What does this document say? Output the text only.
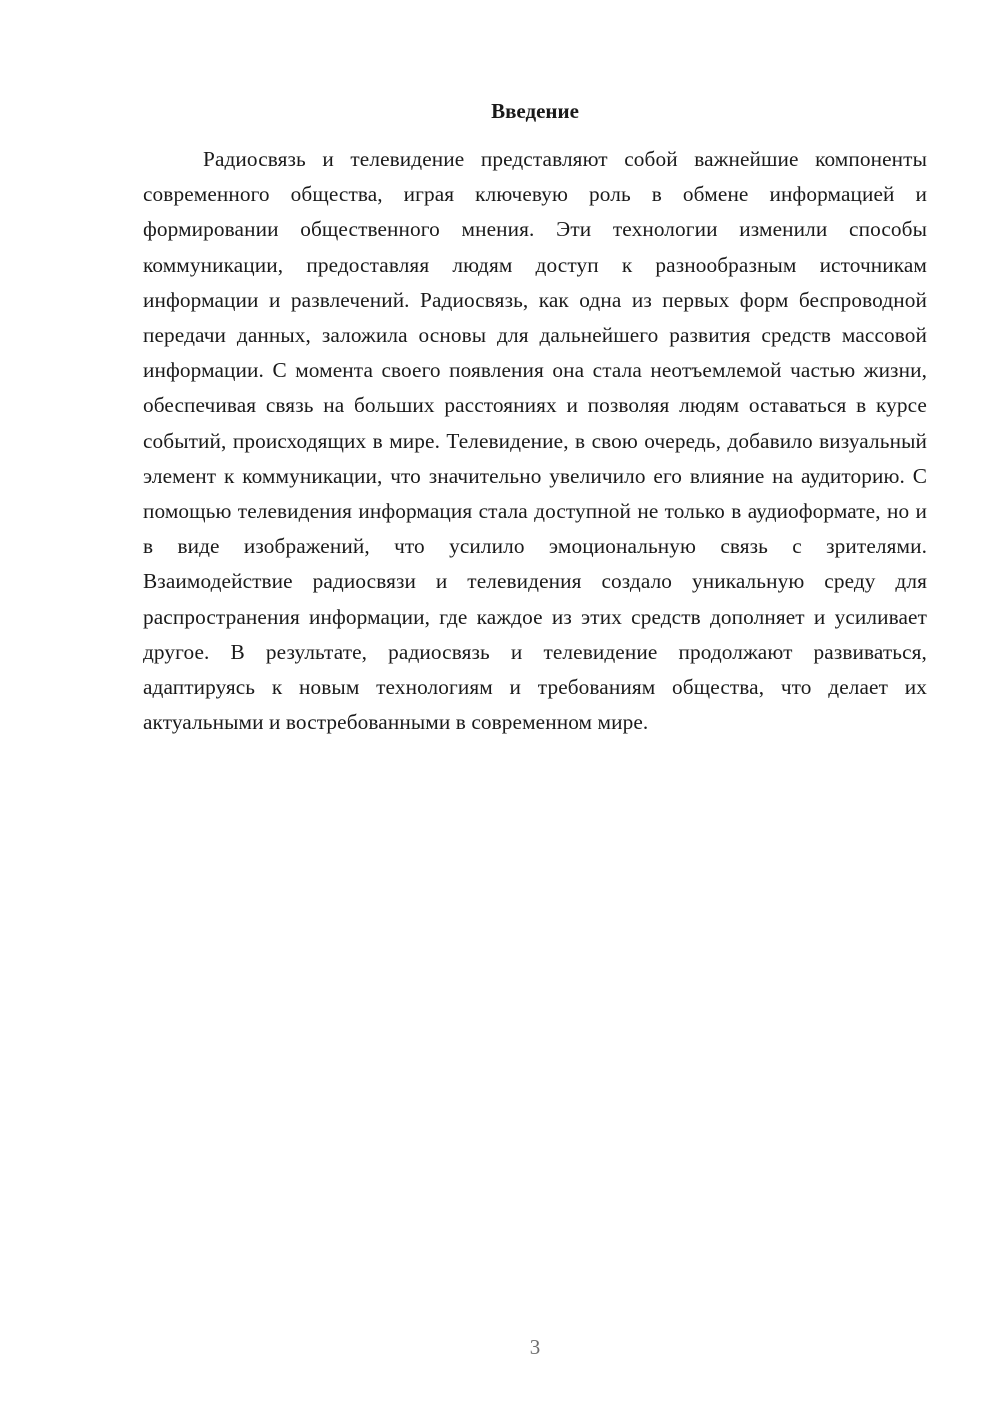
Введение

Радиосвязь и телевидение представляют собой важнейшие компоненты современного общества, играя ключевую роль в обмене информацией и формировании общественного мнения. Эти технологии изменили способы коммуникации, предоставляя людям доступ к разнообразным источникам информации и развлечений. Радиосвязь, как одна из первых форм беспроводной передачи данных, заложила основы для дальнейшего развития средств массовой информации. С момента своего появления она стала неотъемлемой частью жизни, обеспечивая связь на больших расстояниях и позволяя людям оставаться в курсе событий, происходящих в мире. Телевидение, в свою очередь, добавило визуальный элемент к коммуникации, что значительно увеличило его влияние на аудиторию. С помощью телевидения информация стала доступной не только в аудиоформате, но и в виде изображений, что усилило эмоциональную связь с зрителями. Взаимодействие радиосвязи и телевидения создало уникальную среду для распространения информации, где каждое из этих средств дополняет и усиливает другое. В результате, радиосвязь и телевидение продолжают развиваться, адаптируясь к новым технологиям и требованиям общества, что делает их актуальными и востребованными в современном мире.

3
